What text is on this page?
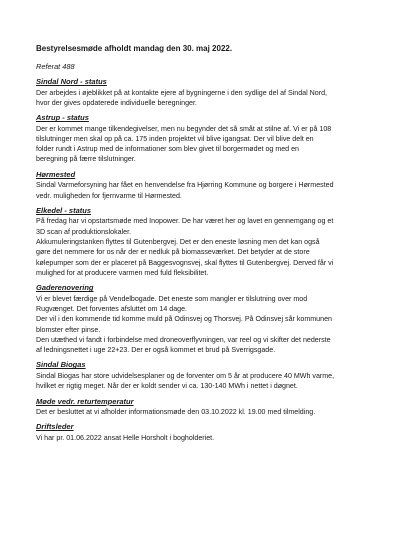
Bestyrelsesmøde afholdt mandag den 30. maj 2022.
Referat 488
Sindal Nord - status
Der arbejdes i øjeblikket på at kontakte ejere af bygningerne i den sydlige del af Sindal Nord,
hvor der gives opdaterede individuelle beregninger.
Astrup - status
Der er kommet mange tilkendegivelser, men nu begynder det så småt at stilne af. Vi er på 108
tilslutninger men skal op på ca. 175 inden projektet vil blive igangsat. Der vil blive delt en
folder rundt i Astrup med de informationer som blev givet til borgermødet og med en
beregning på færre tilslutninger.
Hørmested
Sindal Varmeforsyning har fået en henvendelse fra Hjørring Kommune og borgere i Hørmested
vedr. muligheden for fjernvarme til Hørmested.
Elkedel - status
På fredag har vi opstartsmøde med Inopower. De har været her og lavet en gennemgang og et
3D scan af produktionslokaler.
Akkumuleringstanken flyttes til Gutenbergvej. Det er den eneste løsning men det kan også
gøre det nemmere for os når der er nedluk på biomasseværket. Det betyder at de store
kølepumper som der er placeret på Baggesvognsvej, skal flyttes til Gutenbergvej. Derved får vi
mulighed for at producere varmen med fuld fleksibilitet.
Gaderenovering
Vi er blevet færdige på Vendelbogade. Det eneste som mangler er tilslutning over mod
Rugvænget. Det forventes afsluttet om 14 dage.
Der vil i den kommende tid komme muld på Odinsvej og Thorsvej. På Odinsvej sår kommunen
blomster efter pinse.
Den utæthed vi fandt i forbindelse med droneoverflyvningen, var reel og vi skifter det nederste
af ledningsnettet i uge 22+23. Der er også kommet et brud på Sverrigsgade.
Sindal Biogas
Sindal Biogas har store udvidelsesplaner og de forventer om 5 år at producere 40 MWh varme,
hvilket er rigtig meget. Når der er koldt sender vi ca. 130-140 MWh i nettet i døgnet.
Møde vedr. returtemperatur
Det er besluttet at vi afholder informationsmøde den 03.10.2022 kl. 19.00 med tilmelding.
Driftsleder
Vi har pr. 01.06.2022 ansat Helle Horsholt i bogholderiet.
